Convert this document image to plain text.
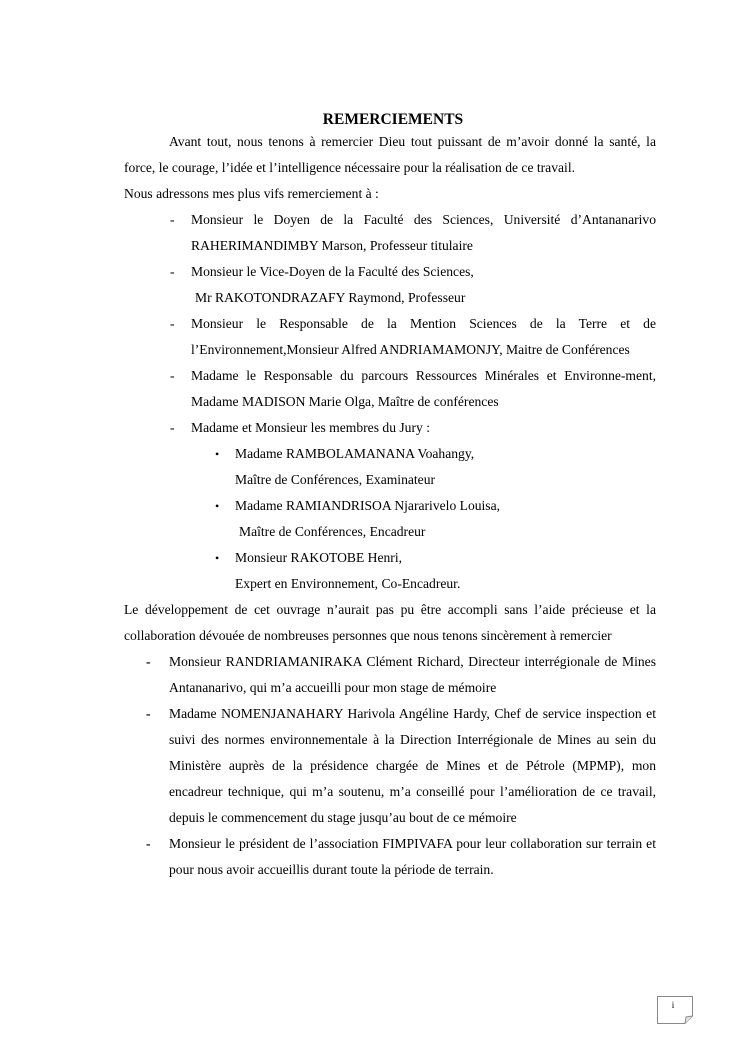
REMERCIEMENTS

Avant tout, nous tenons à remercier Dieu tout puissant de m’avoir donné la santé, la force, le courage, l’idée et l’intelligence nécessaire pour la réalisation de ce travail.

Nous adressons mes plus vifs remerciement à :

- Monsieur le Doyen de la Faculté des Sciences, Université d’Antananarivo
RAHERIMANDIMBY Marson, Professeur titulaire
- Monsieur le Vice-Doyen de la Faculté des Sciences,
Mr RAKOTONDRAZAFY Raymond, Professeur
- Monsieur le Responsable de la Mention Sciences de la Terre et de l’Environnement,Monsieur Alfred ANDRIAMAMONJY, Maitre de Conférences
- Madame le Responsable du parcours Ressources Minérales et Environne-ment, Madame MADISON Marie Olga, Maître de conférences
- Madame et Monsieur les membres du Jury :
• Madame RAMBOLAMANANA Voahangy,
Maître de Conférences, Examinateur
• Madame RAMIANDRISOA Njararivelo Louisa,
Maître de Conférences, Encadreur
• Monsieur RAKOTOBE Henri,
Expert en Environnement, Co-Encadreur.

Le développement de cet ouvrage n’aurait pas pu être accompli sans l’aide précieuse et la collaboration dévouée de nombreuses personnes que nous tenons sincèrement à remercier

- Monsieur RANDRIAMANIRAKA Clément Richard, Directeur interrégionale de Mines Antananarivo, qui m’a accueilli pour mon stage de mémoire
- Madame NOMENJANAHARY Harivola Angéline Hardy, Chef de service inspection et suivi des normes environnementale à la Direction Interrégionale de Mines au sein du Ministère auprès de la présidence chargée de Mines et de Pétrole (MPMP), mon encadreur technique, qui m’a soutenu, m’a conseillé pour l’amélioration de ce travail, depuis le commencement du stage jusqu’au bout de ce mémoire
- Monsieur le président de l’association FIMPIVAFA pour leur collaboration sur terrain et pour nous avoir accueillis durant toute la période de terrain.
i
